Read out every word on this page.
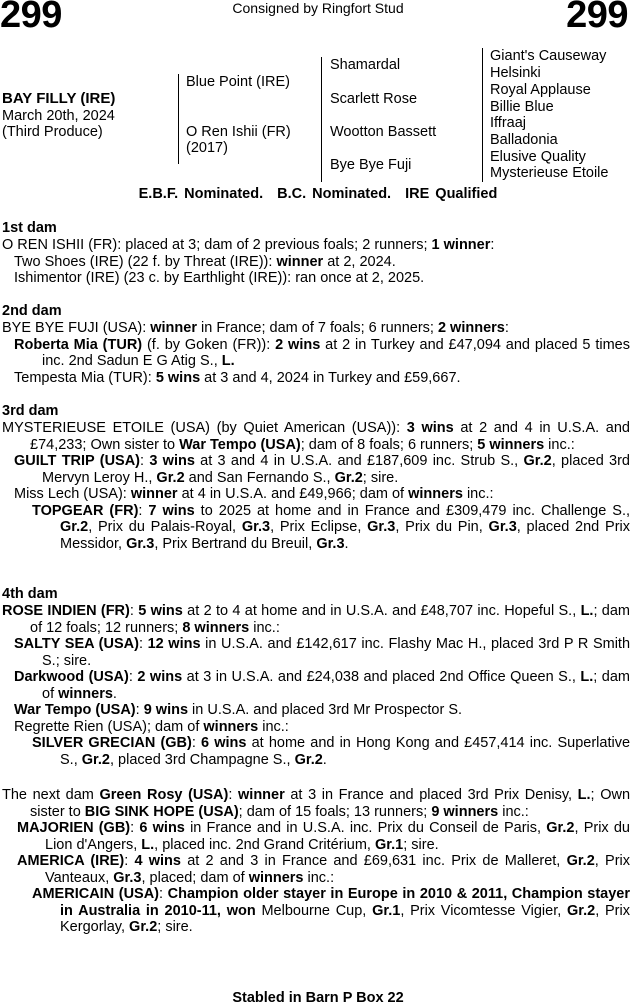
299	Consigned by Ringfort Stud	299
BAY FILLY (IRE)
March 20th, 2024
(Third Produce)
Blue Point (IRE)
O Ren Ishii (FR)
(2017)
Shamardal
Scarlett Rose
Wootton Bassett
Bye Bye Fuji
Giant's Causeway
Helsinki
Royal Applause
Billie Blue
Iffraaj
Balladonia
Elusive Quality
Mysterieuse Etoile
E.B.F. Nominated. B.C. Nominated. IRE Qualified
1st dam

O REN ISHII (FR): placed at 3; dam of 2 previous foals; 2 runners; 1 winner:

Two Shoes (IRE) (22 f. by Threat (IRE)): winner at 2, 2024.

Ishimentor (IRE) (23 c. by Earthlight (IRE)): ran once at 2, 2025.

2nd dam

BYE BYE FUJI (USA): winner in France; dam of 7 foals; 6 runners; 2 winners:

Roberta Mia (TUR) (f. by Goken (FR)): 2 wins at 2 in Turkey and £47,094 and placed 5 times inc. 2nd Sadun E G Atig S., L.

Tempesta Mia (TUR): 5 wins at 3 and 4, 2024 in Turkey and £59,667.

3rd dam

MYSTERIEUSE ETOILE (USA) (by Quiet American (USA)): 3 wins at 2 and 4 in U.S.A. and £74,233; Own sister to War Tempo (USA); dam of 8 foals; 6 runners; 5 winners inc.:

GUILT TRIP (USA): 3 wins at 3 and 4 in U.S.A. and £187,609 inc. Strub S., Gr.2, placed 3rd Mervyn Leroy H., Gr.2 and San Fernando S., Gr.2; sire.

Miss Lech (USA): winner at 4 in U.S.A. and £49,966; dam of winners inc.:

TOPGEAR (FR): 7 wins to 2025 at home and in France and £309,479 inc. Challenge S., Gr.2, Prix du Palais-Royal, Gr.3, Prix Eclipse, Gr.3, Prix du Pin, Gr.3, placed 2nd Prix Messidor, Gr.3, Prix Bertrand du Breuil, Gr.3.

4th dam

ROSE INDIEN (FR): 5 wins at 2 to 4 at home and in U.S.A. and £48,707 inc. Hopeful S., L.; dam of 12 foals; 12 runners; 8 winners inc.:

SALTY SEA (USA): 12 wins in U.S.A. and £142,617 inc. Flashy Mac H., placed 3rd P R Smith S.; sire.

Darkwood (USA): 2 wins at 3 in U.S.A. and £24,038 and placed 2nd Office Queen S., L.; dam of winners.

War Tempo (USA): 9 wins in U.S.A. and placed 3rd Mr Prospector S.

Regrette Rien (USA); dam of winners inc.:

SILVER GRECIAN (GB): 6 wins at home and in Hong Kong and £457,414 inc. Superlative S., Gr.2, placed 3rd Champagne S., Gr.2.

The next dam Green Rosy (USA): winner at 3 in France and placed 3rd Prix Denisy, L.; Own sister to BIG SINK HOPE (USA); dam of 15 foals; 13 runners; 9 winners inc.:

MAJORIEN (GB): 6 wins in France and in U.S.A. inc. Prix du Conseil de Paris, Gr.2, Prix du Lion d'Angers, L., placed inc. 2nd Grand Critérium, Gr.1; sire.

AMERICA (IRE): 4 wins at 2 and 3 in France and £69,631 inc. Prix de Malleret, Gr.2, Prix Vanteaux, Gr.3, placed; dam of winners inc.:

AMERICAIN (USA): Champion older stayer in Europe in 2010 & 2011, Champion stayer in Australia in 2010-11, won Melbourne Cup, Gr.1, Prix Vicomtesse Vigier, Gr.2, Prix Kergorlay, Gr.2; sire.

Stabled in Barn P Box 22
